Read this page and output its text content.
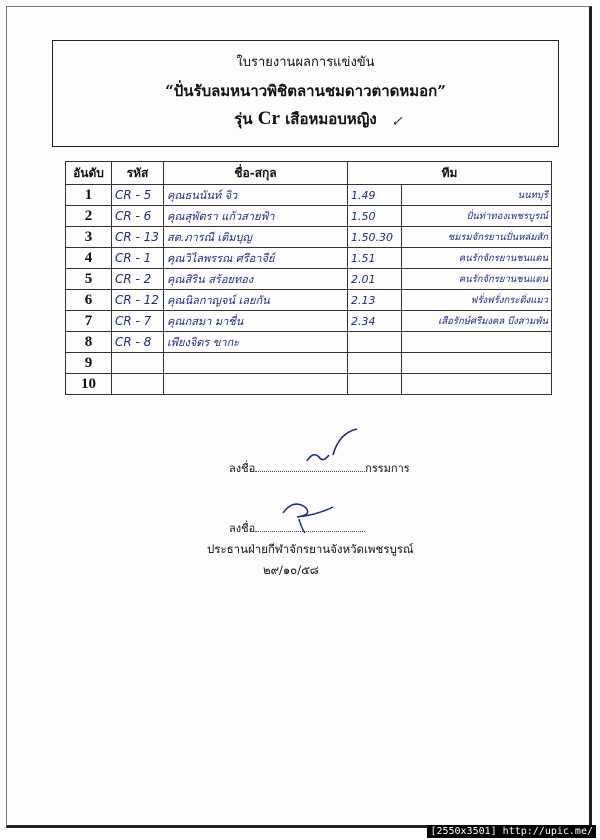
ใบรายงานผลการแข่งขัน
“ปั่นรับลมหนาวพิชิตลานชมดาวตาดหมอก”
รุ่น Cr เสือหมอบหญิง	✓
อันดับ	รหัส	ชื่อ-สกุล	ทีม	
1	CR - 5	คุณธนนันท์ จิว	1.49	นนทบุรี
2	CR - 6	คุณสุพัตรา แก้วสายฟ้า	1.50	ปั่นท่าทองเพชรบูรณ์
3	CR - 13	สต.ภารณี เติมบุญ	1.50.30	ชมรมจักรยานปั่นหล่มสัก
4	CR - 1	คุณวิไลพรรณ ศรีอาจีย์	1.51	คนรักจักรยานชนแดน
5	CR - 2	คุณสิริน สร้อยทอง	2.01	คนรักจักรยานชนแดน
6	CR - 12	คุณนิลกาญจน์ เลยกัน	2.13	ฟรั่งฟรั่งกระดิ่งแมว
7	CR - 7	คุณกสมา มาชื่น	2.34	เสือรักษ์ศรีมงคล บึงสามพัน
8	CR - 8	เพียงจิตร ขากะ		
9				
10				
ลงชื่อ	กรรมการ
ลงชื่อ
ประธานฝ่ายกีฬาจักรยานจังหวัดเพชรบูรณ์
๒๙/๑๐/๕๘
[2550x3501] http://upic.me/
